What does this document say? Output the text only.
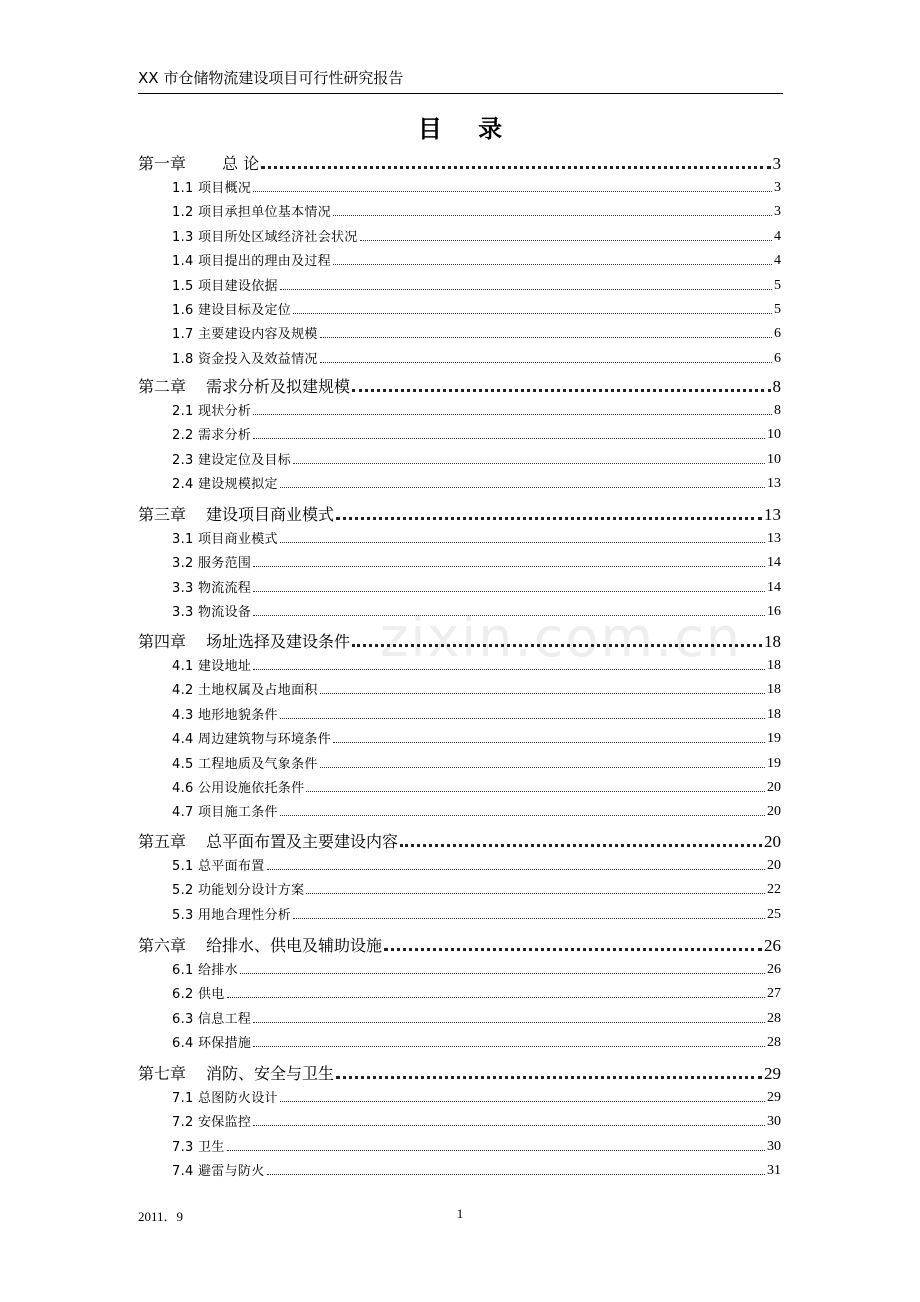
XX 市仓储物流建设项目可行性研究报告
目 录
zixin.com.cn
第一章 总 论	3
1.1 项目概况	3
1.2 项目承担单位基本情况	3
1.3 项目所处区域经济社会状况	4
1.4 项目提出的理由及过程	4
1.5 项目建设依据	5
1.6 建设目标及定位	5
1.7 主要建设内容及规模	6
1.8 资金投入及效益情况	6
第二章 需求分析及拟建规模	8
2.1 现状分析	8
2.2 需求分析	10
2.3 建设定位及目标	10
2.4 建设规模拟定	13
第三章 建设项目商业模式	13
3.1 项目商业模式	13
3.2 服务范围	14
3.3 物流流程	14
3.3 物流设备	16
第四章 场址选择及建设条件	18
4.1 建设地址	18
4.2 土地权属及占地面积	18
4.3 地形地貌条件	18
4.4 周边建筑物与环境条件	19
4.5 工程地质及气象条件	19
4.6 公用设施依托条件	20
4.7 项目施工条件	20
第五章 总平面布置及主要建设内容	20
5.1 总平面布置	20
5.2 功能划分设计方案	22
5.3 用地合理性分析	25
第六章 给排水、供电及辅助设施	26
6.1 给排水	26
6.2 供电	27
6.3 信息工程	28
6.4 环保措施	28
第七章 消防、安全与卫生	29
7.1 总图防火设计	29
7.2 安保监控	30
7.3 卫生	30
7.4 避雷与防火	31
2011．9	1
